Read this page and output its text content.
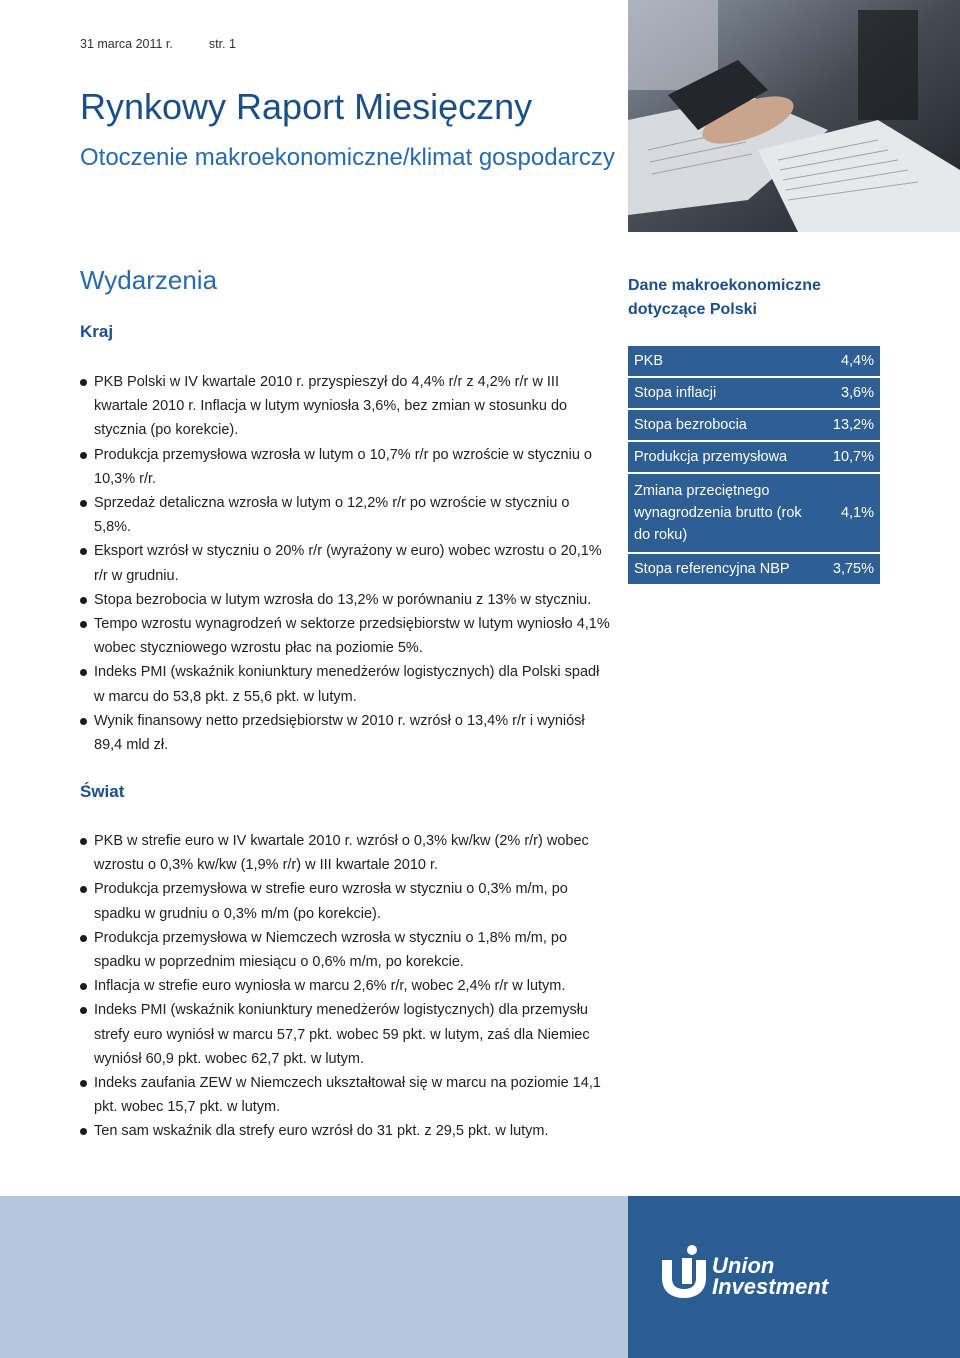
31 marca 2011 r.	str. 1
Rynkowy Raport Miesięczny
Otoczenie makroekonomiczne/klimat gospodarczy
Wydarzenia
Kraj
PKB Polski w IV kwartale 2010 r. przyspieszył do 4,4% r/r z 4,2% r/r w III kwartale 2010 r. Inflacja w lutym wyniosła 3,6%, bez zmian w stosunku do stycznia (po korekcie).
Produkcja przemysłowa wzrosła w lutym o 10,7% r/r po wzroście w styczniu o 10,3% r/r.
Sprzedaż detaliczna wzrosła w lutym o 12,2% r/r po wzroście w styczniu o 5,8%.
Eksport wzrósł w styczniu o 20% r/r (wyrażony w euro) wobec wzrostu o 20,1% r/r w grudniu.
Stopa bezrobocia w lutym wzrosła do 13,2% w porównaniu z 13% w styczniu.
Tempo wzrostu wynagrodzeń w sektorze przedsiębiorstw w lutym wyniosło 4,1% wobec styczniowego wzrostu płac na poziomie 5%.
Indeks PMI (wskaźnik koniunktury menedżerów logistycznych) dla Polski spadł w marcu do 53,8 pkt. z 55,6 pkt. w lutym.
Wynik finansowy netto przedsiębiorstw w 2010 r. wzrósł o 13,4% r/r i wyniósł 89,4 mld zł.
Świat
PKB w strefie euro w IV kwartale 2010 r. wzrósł o 0,3% kw/kw (2% r/r) wobec wzrostu o 0,3% kw/kw (1,9% r/r) w III kwartale 2010 r.
Produkcja przemysłowa w strefie euro wzrosła w styczniu o 0,3% m/m, po spadku w grudniu o 0,3% m/m (po korekcie).
Produkcja przemysłowa w Niemczech wzrosła w styczniu o 1,8% m/m, po spadku w poprzednim miesiącu o 0,6% m/m, po korekcie.
Inflacja w strefie euro wyniosła w marcu 2,6% r/r, wobec 2,4% r/r w lutym.
Indeks PMI (wskaźnik koniunktury menedżerów logistycznych) dla przemysłu strefy euro wyniósł w marcu 57,7 pkt. wobec 59 pkt. w lutym, zaś dla Niemiec wyniósł 60,9 pkt. wobec 62,7 pkt. w lutym.
Indeks zaufania ZEW w Niemczech ukształtował się w marcu na poziomie 14,1 pkt. wobec 15,7 pkt. w lutym.
Ten sam wskaźnik dla strefy euro wzrósł do 31 pkt. z 29,5 pkt. w lutym.
Dane makroekonomiczne dotyczące Polski
PKB	4,4%
Stopa inflacji	3,6%
Stopa bezrobocia	13,2%
Produkcja przemysłowa	10,7%
Zmiana przeciętnego wynagrodzenia brutto (rok do roku)	4,1%
Stopa referencyjna NBP	3,75%
Union
Investment
